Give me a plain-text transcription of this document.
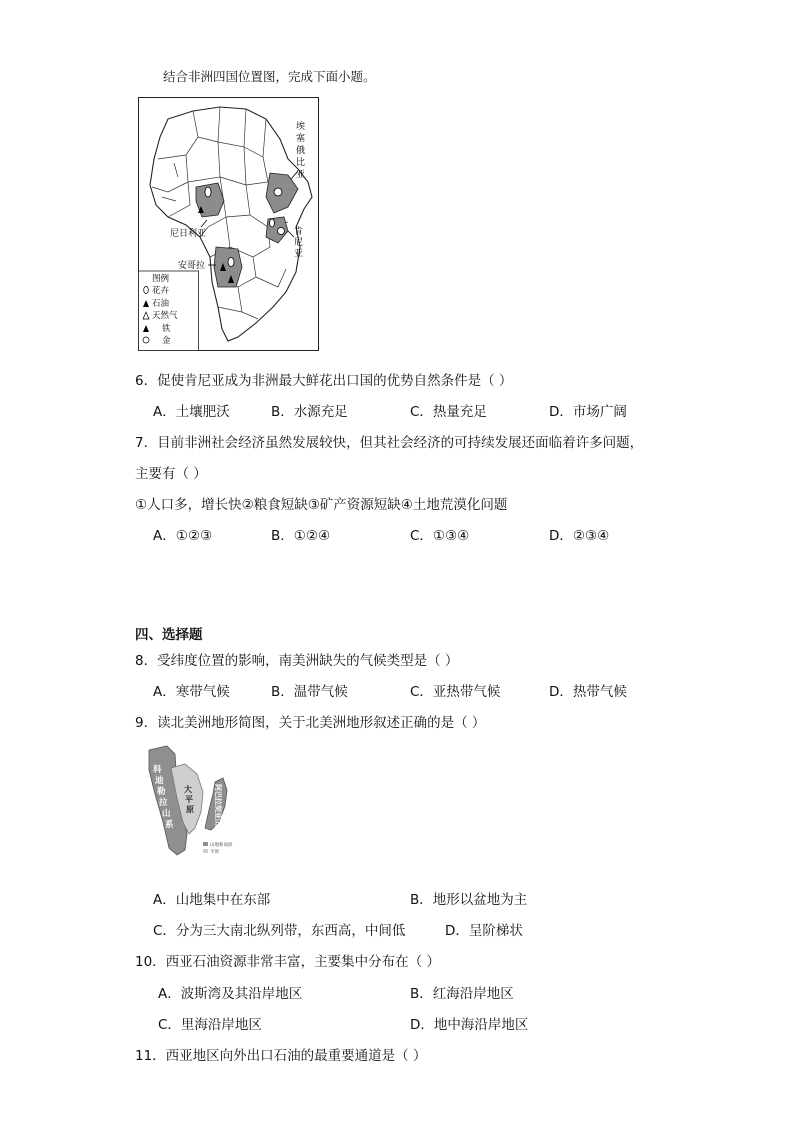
结合非洲四国位置图，完成下面小题。
埃
塞
俄
比
亚
肯
尼
亚
尼日利亚
安哥拉
图例
花卉
石油
天然气
铁
金
6．促使肯尼亚成为非洲最大鲜花出口国的优势自然条件是（ ）
A．土壤肥沃	B．水源充足	C．热量充足	D．市场广阔
7．目前非洲社会经济虽然发展较快，但其社会经济的可持续发展还面临着许多问题，
主要有（ ）
①人口多，增长快②粮食短缺③矿产资源短缺④土地荒漠化问题
A．①②③	B．①②④	C．①③④	D．②③④
四、选择题
8．受纬度位置的影响，南美洲缺失的气候类型是（ ）
A．寒带气候	B．温带气候	C．亚热带气候	D．热带气候
9．读北美洲地形简图，关于北美洲地形叙述正确的是（ ）
科
迪
勒
拉
山
系
大
平
原	阿巴拉契亚山脉
山地和高原
平原
A．山地集中在东部	B．地形以盆地为主
C．分为三大南北纵列带，东西高，中间低	D．呈阶梯状
10．西亚石油资源非常丰富，主要集中分布在（ ）
A．波斯湾及其沿岸地区	B．红海沿岸地区
C．里海沿岸地区	D．地中海沿岸地区
11．西亚地区向外出口石油的最重要通道是（ ）
